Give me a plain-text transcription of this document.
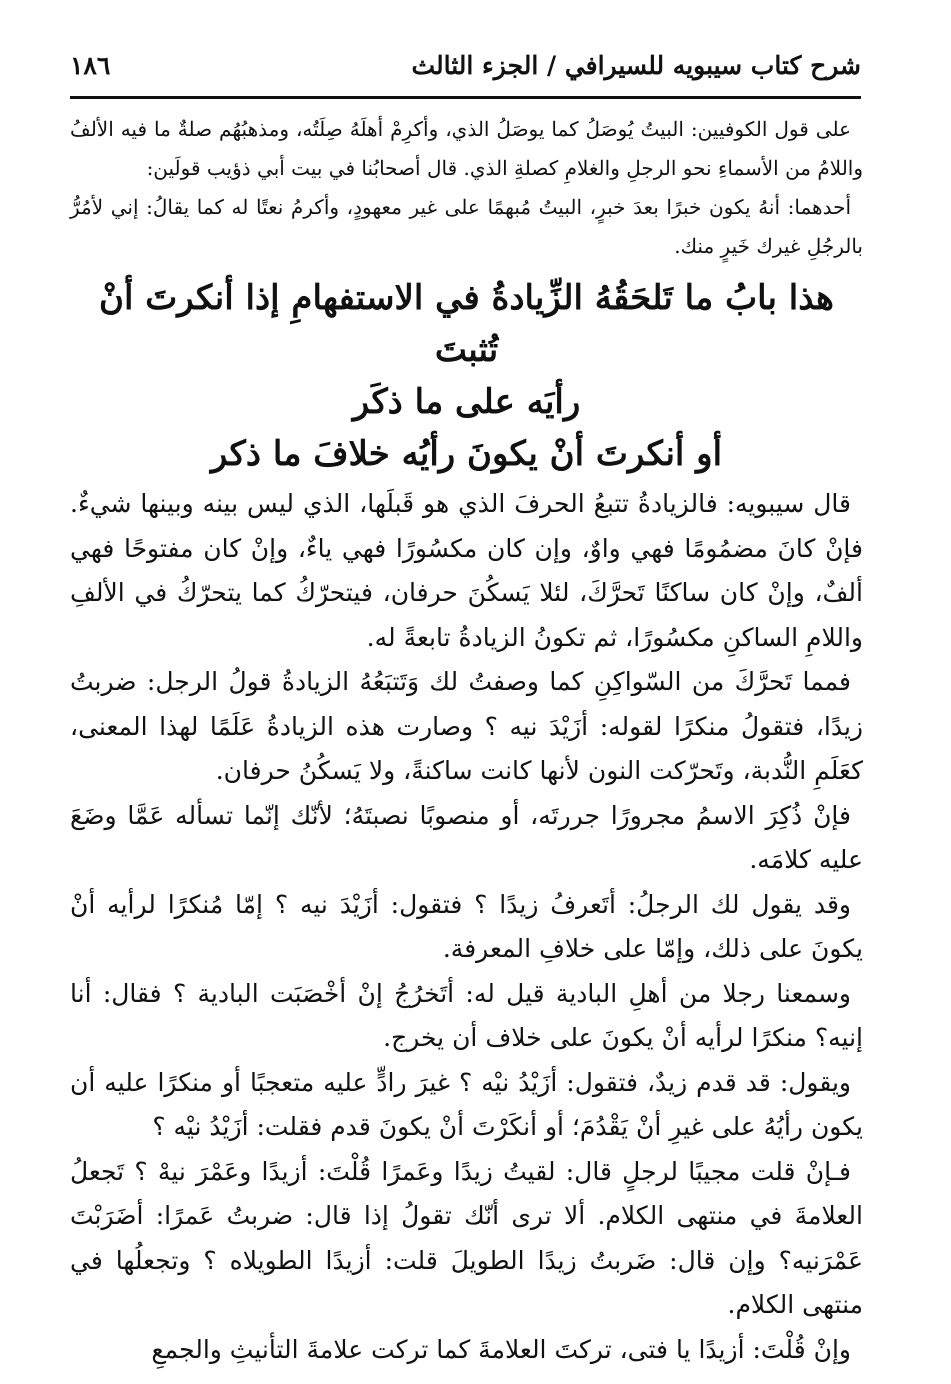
شرح كتاب سيبويه للسيرافي / الجزء الثالث
١٨٦

على قول الكوفيين: البيتُ يُوصَلُ كما يوصَلُ الذي، وأكرِمْ أهلَهُ صِلَتُه، ومذهبُهُم صلةٌ ما فيه الألفُ واللامُ من الأسماءِ نحو الرجلِ والغلامِ كصلةِ الذي. قال أصحابُنا في بيت أبي ذؤيب قولَين:

أحدهما: أنهُ يكون خبرًا بعدَ خبرٍ، البيتُ مُبهمًا على غير معهودٍ، وأكرمُ نعتًا له كما يقالُ: إني لأمُرُّ بالرجُلِ غيرك خَيرٍ منك.

هذا بابُ ما تَلحَقُهُ الزِّيادةُ في الاستفهامِ إذا أنكرتَ أنْ تُثبتَ
رأيَه على ما ذكَر
أو أنكرتَ أنْ يكونَ رأيُه خلافَ ما ذكر

قال سيبويه: فالزيادةُ تتبعُ الحرفَ الذي هو قَبلَها، الذي ليس بينه وبينها شيءٌ. فإنْ كانَ مضمُومًا فهي واوٌ، وإن كان مكسُورًا فهي ياءٌ، وإنْ كان مفتوحًا فهي ألفٌ، وإنْ كان ساكنًا تَحرَّكَ، لئلا يَسكُنَ حرفان، فيتحرّكُ كما يتحرّكُ في الألفِ واللامِ الساكنِ مكسُورًا، ثم تكونُ الزيادةُ تابعةً له.

فمما تَحرَّكَ من السّواكِنِ كما وصفتُ لك وَتَتبَعُهُ الزيادةُ قولُ الرجل: ضربتُ زيدًا، فتقولُ منكرًا لقوله: أزَيْدَ نيه ؟ وصارت هذه الزيادةُ عَلَمًا لهذا المعنى، كعَلَمِ النُّدبة، وتَحرّكت النون لأنها كانت ساكنةً، ولا يَسكُنُ حرفان.

فإنْ ذُكِرَ الاسمُ مجرورًا جررتَه، أو منصوبًا نصبتَهُ؛ لأنّك إنّما تسأله عَمَّا وضَعَ عليه كلامَه.

وقد يقول لك الرجلُ: أتَعرفُ زيدًا ؟ فتقول: أزَيْدَ نيه ؟ إمّا مُنكرًا لرأيه أنْ يكونَ على ذلك، وإمّا على خلافِ المعرفة.

وسمعنا رجلا من أهلِ البادية قيل له: أتَخرُجُ إنْ أخْصَبَت البادية ؟ فقال: أنا إنيه؟ منكرًا لرأيه أنْ يكونَ على خلاف أن يخرج.

ويقول: قد قدم زيدٌ، فتقول: أزَيْدُ نيْه ؟ غيرَ رادٍّ عليه متعجبًا أو منكرًا عليه أن يكون رأيُهُ على غيرِ أنْ يَقْدُمَ؛ أو أنكَرْتَ أنْ يكونَ قدم فقلت: أزَيْدُ نيْه ؟

فـإنْ قلت مجيبًا لرجلٍ قال: لقيتُ زيدًا وعَمرًا قُلْتَ: أزيدًا وعَمْرَ نيهْ ؟ تَجعلُ العلامةَ في منتهى الكلام. ألا ترى أنّك تقولُ إذا قال: ضربتُ عَمرًا: أضَرَبْتَ عَمْرَنيه؟ وإن قال: ضَربتُ زيدًا الطويلَ قلت: أزيدًا الطويلاه ؟ وتجعلُها في منتهى الكلام.

وإنْ قُلْتَ: أزيدًا يا فتى، تركتَ العلامةَ كما تركت علامةَ التأنيثِ والجمعِ
